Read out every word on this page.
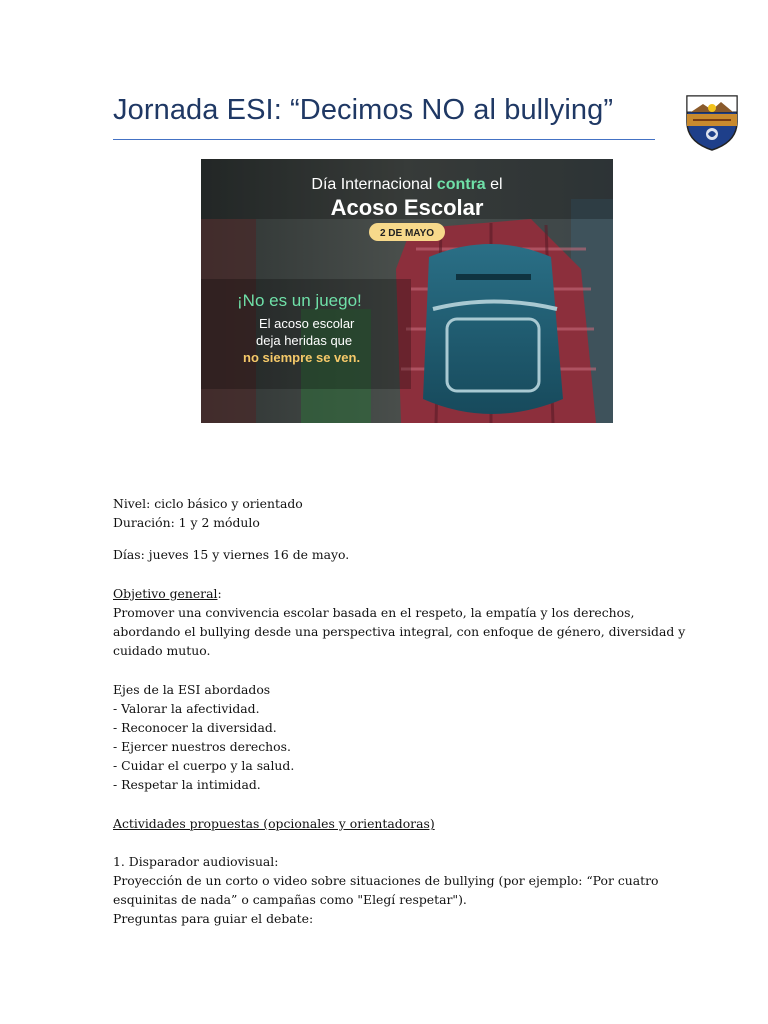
Jornada ESI: “Decimos NO al bullying”
Día Internacional contra el
Acoso Escolar
2 DE MAYO
¡No es un juego!
El acoso escolar
deja heridas que
no siempre se ven.
Nivel: ciclo básico y orientado
Duración: 1 y 2 módulo
Días: jueves 15 y viernes 16 de mayo.
Objetivo general:
Promover una convivencia escolar basada en el respeto, la empatía y los derechos,
abordando el bullying desde una perspectiva integral, con enfoque de género, diversidad y
cuidado mutuo.
Ejes de la ESI abordados
- Valorar la afectividad.
- Reconocer la diversidad.
- Ejercer nuestros derechos.
- Cuidar el cuerpo y la salud.
- Respetar la intimidad.
Actividades propuestas (opcionales y orientadoras)
1. Disparador audiovisual:
Proyección de un corto o video sobre situaciones de bullying (por ejemplo: “Por cuatro
esquinitas de nada” o campañas como "Elegí respetar").
Preguntas para guiar el debate:
